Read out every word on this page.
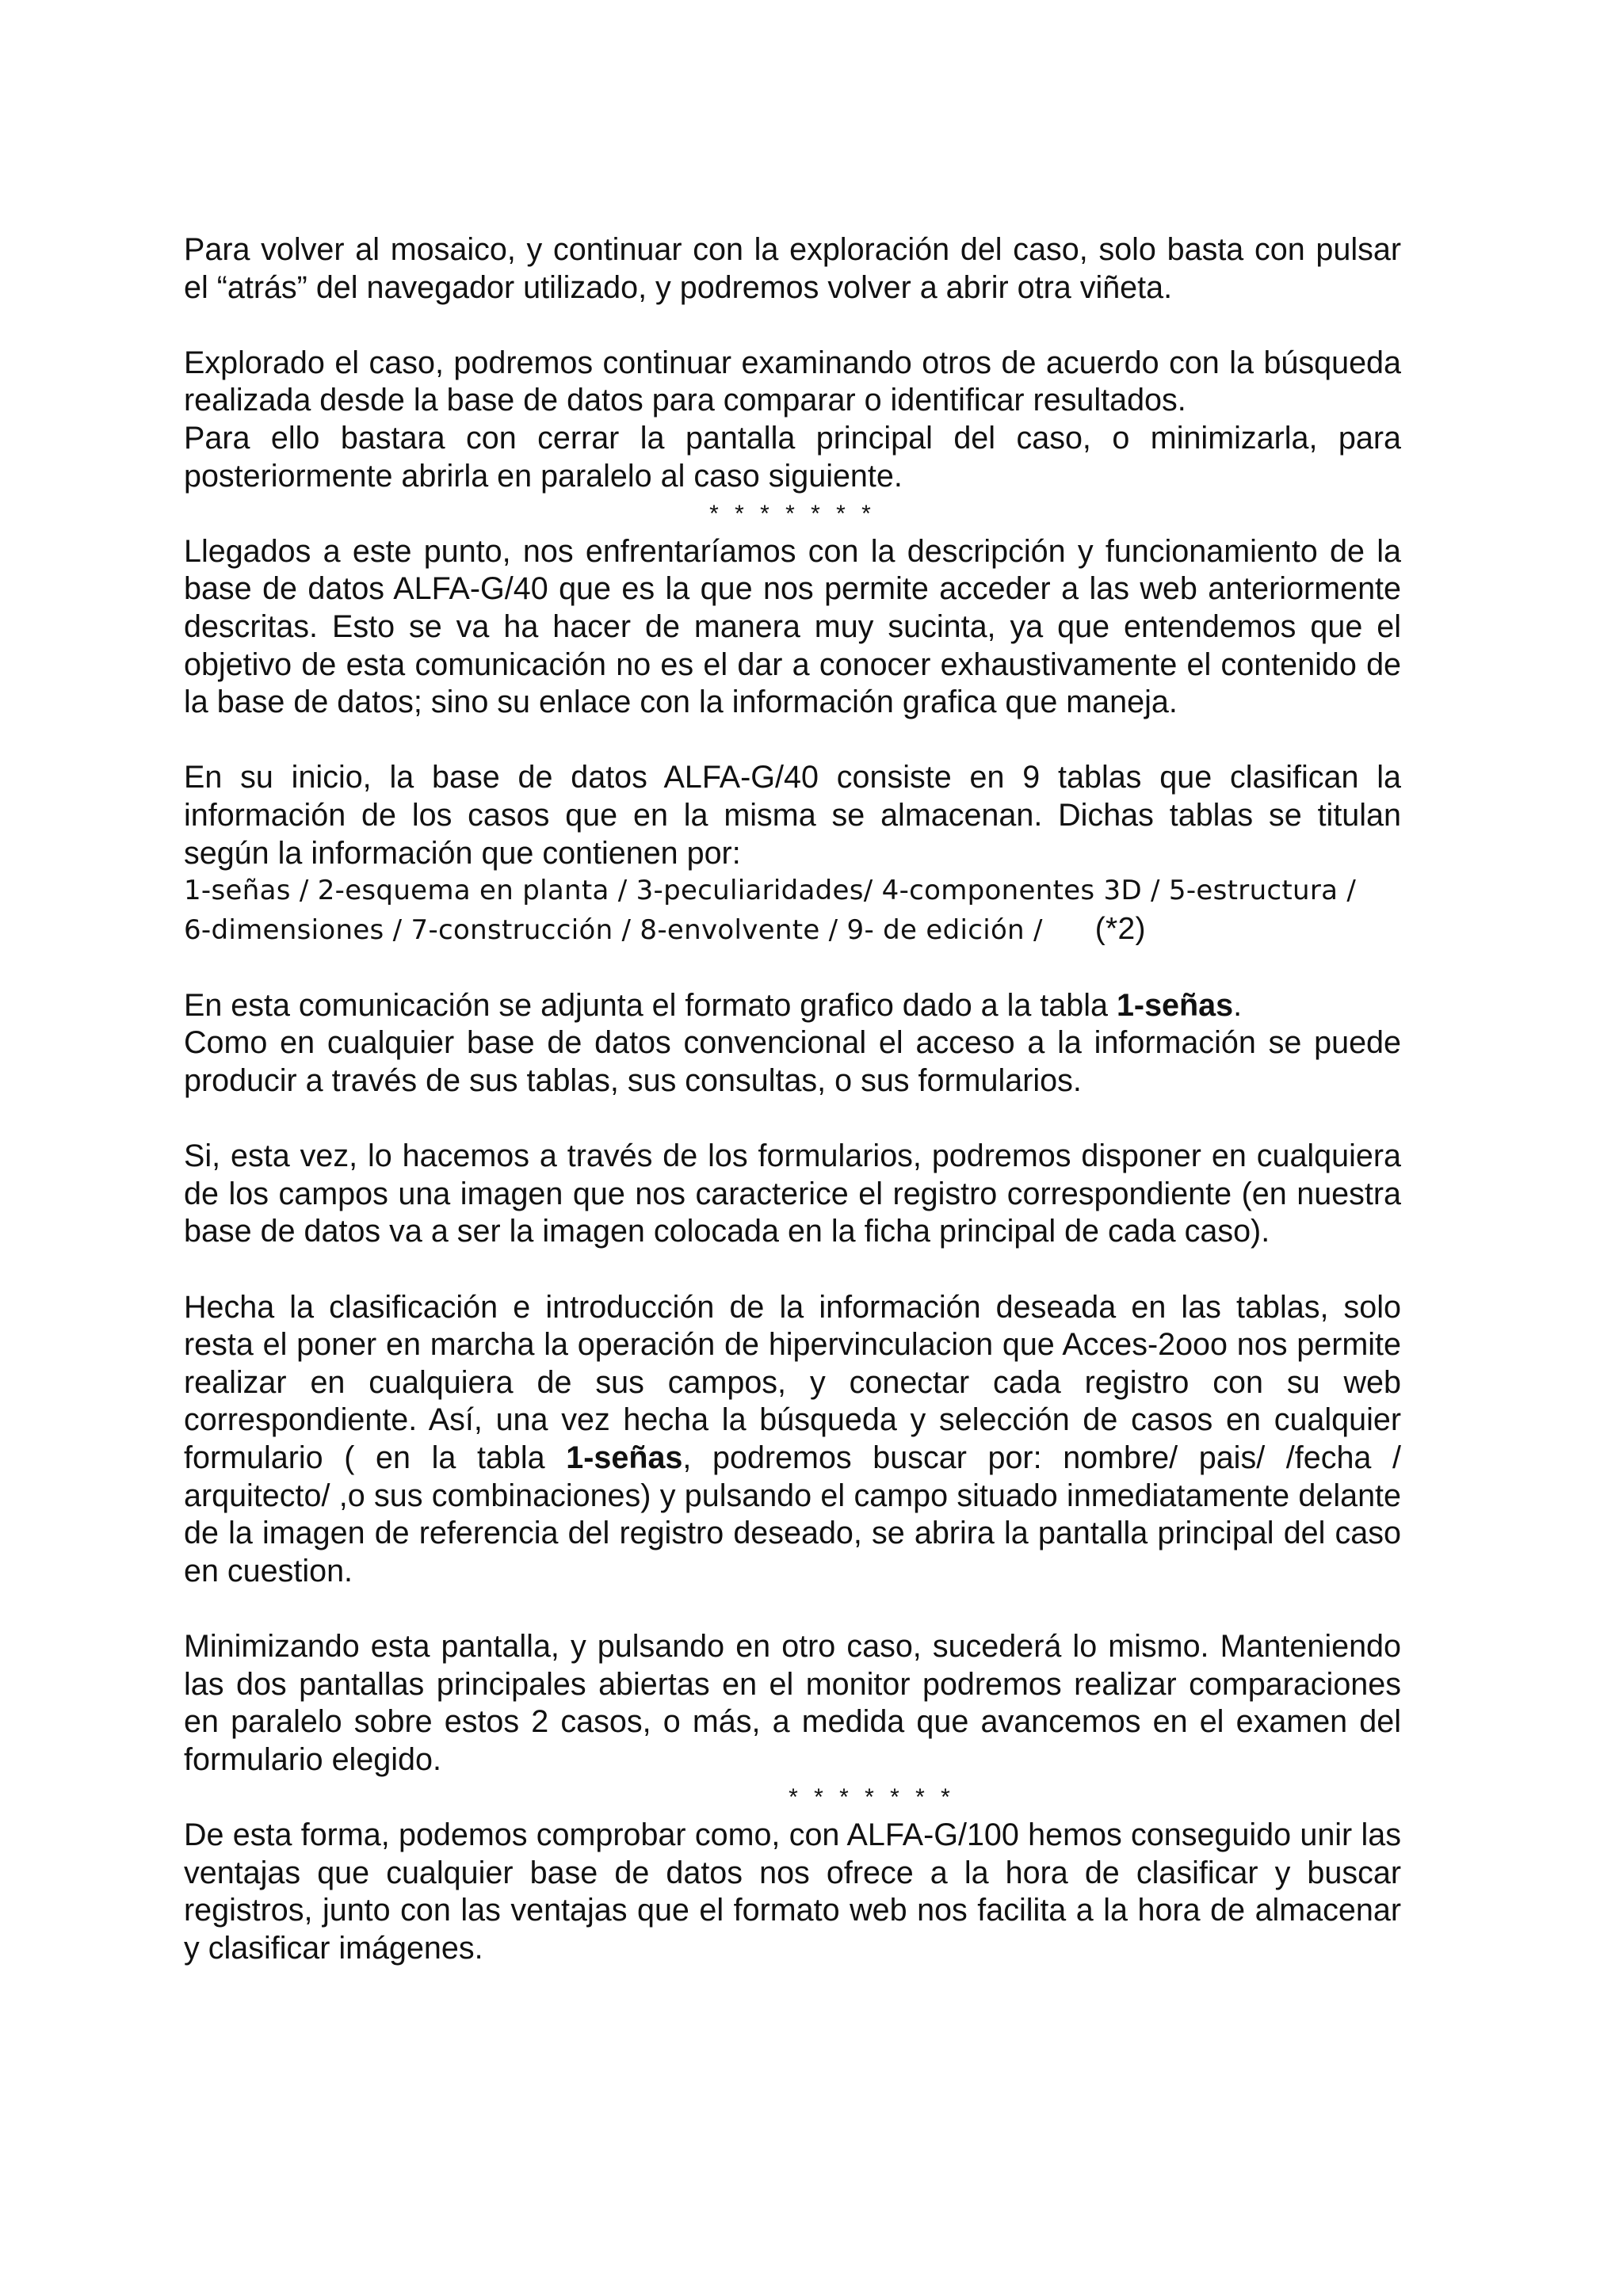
Para volver al mosaico, y continuar con la exploración del caso, solo basta con pulsar el “atrás” del navegador utilizado, y podremos volver a abrir otra viñeta.

Explorado el caso, podremos continuar examinando otros de acuerdo con la búsqueda realizada desde la base de datos para comparar o identificar resultados.

Para ello bastara con cerrar la pantalla principal del caso, o minimizarla, para posteriormente abrirla en paralelo al caso siguiente.

* * * * * * *

Llegados a este punto, nos enfrentaríamos con la descripción y funcionamiento de la base de datos ALFA-G/40 que es la que nos permite acceder a las web anteriormente descritas. Esto se va ha hacer de manera muy sucinta, ya que entendemos que el objetivo de esta comunicación no es el dar a conocer exhaustivamente el contenido de la base de datos; sino su enlace con la información grafica que maneja.

En su inicio, la base de datos ALFA-G/40 consiste en 9 tablas que clasifican la información de los casos que en la misma se almacenan. Dichas tablas se titulan según la información que contienen por:

1-señas / 2-esquema en planta / 3-peculiaridades/ 4-componentes 3D / 5-estructura /

6-dimensiones / 7-construcción / 8-envolvente / 9- de edición / (*2)

En esta comunicación se adjunta el formato grafico dado a la tabla 1-señas.

Como en cualquier base de datos convencional el acceso a la información se puede producir a través de sus tablas, sus consultas, o sus formularios.

Si, esta vez, lo hacemos a través de los formularios, podremos disponer en cualquiera de los campos una imagen que nos caracterice el registro correspondiente (en nuestra base de datos va a ser la imagen colocada en la ficha principal de cada caso).

Hecha la clasificación e introducción de la información deseada en las tablas, solo resta el poner en marcha la operación de hipervinculacion que Acces-2ooo nos permite realizar en cualquiera de sus campos, y conectar cada registro con su web correspondiente. Así, una vez hecha la búsqueda y selección de casos en cualquier formulario ( en la tabla 1-señas, podremos buscar por: nombre/ pais/ /fecha / arquitecto/ ,o sus combinaciones) y pulsando el campo situado inmediatamente delante de la imagen de referencia del registro deseado, se abrira la pantalla principal del caso en cuestion.

Minimizando esta pantalla, y pulsando en otro caso, sucederá lo mismo. Manteniendo las dos pantallas principales abiertas en el monitor podremos realizar comparaciones en paralelo sobre estos 2 casos, o más, a medida que avancemos en el examen del formulario elegido.

* * * * * * *

De esta forma, podemos comprobar como, con ALFA-G/100 hemos conseguido unir las ventajas que cualquier base de datos nos ofrece a la hora de clasificar y buscar registros, junto con las ventajas que el formato web nos facilita a la hora de almacenar y clasificar imágenes.
